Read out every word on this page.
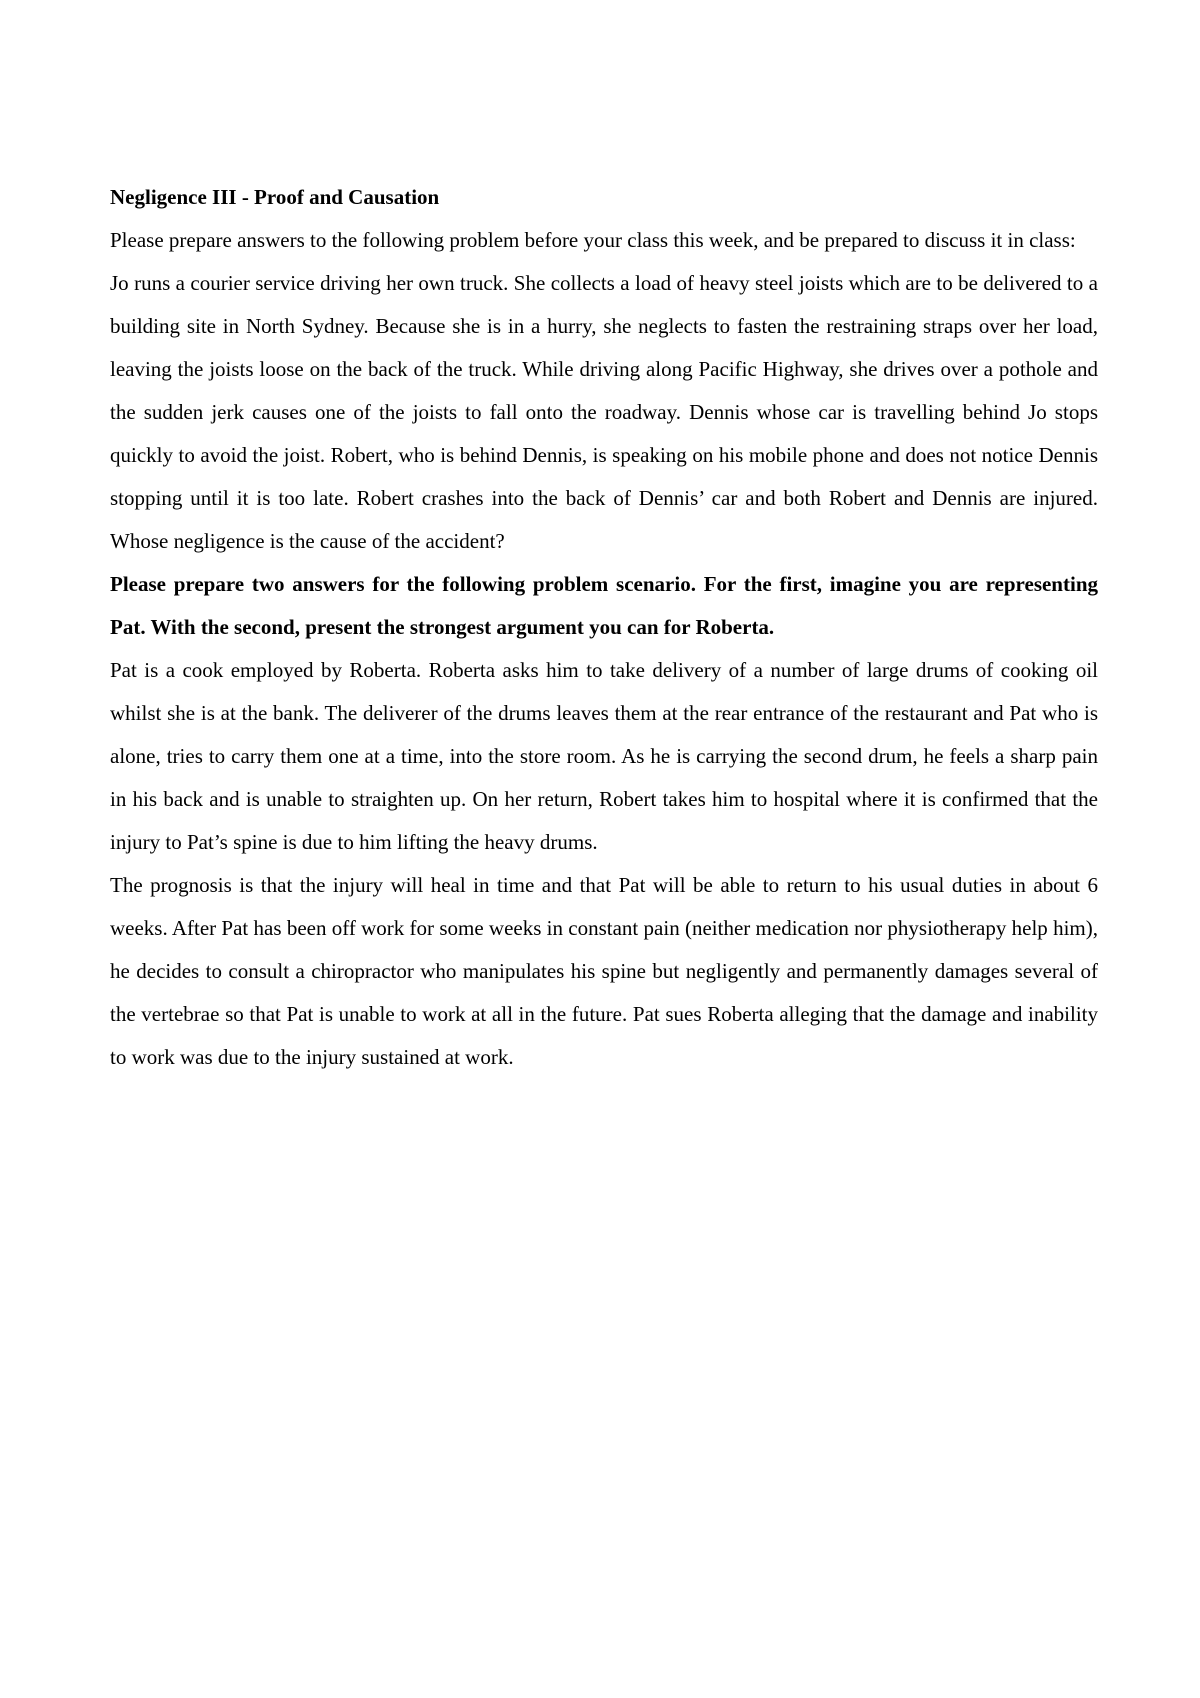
Negligence III - Proof and Causation

Please prepare answers to the following problem before your class this week, and be prepared to discuss it in class:

Jo runs a courier service driving her own truck. She collects a load of heavy steel joists which are to be delivered to a building site in North Sydney. Because she is in a hurry, she neglects to fasten the restraining straps over her load, leaving the joists loose on the back of the truck. While driving along Pacific Highway, she drives over a pothole and the sudden jerk causes one of the joists to fall onto the roadway. Dennis whose car is travelling behind Jo stops quickly to avoid the joist. Robert, who is behind Dennis, is speaking on his mobile phone and does not notice Dennis stopping until it is too late. Robert crashes into the back of Dennis’ car and both Robert and Dennis are injured. Whose negligence is the cause of the accident?

Please prepare two answers for the following problem scenario. For the first, imagine you are representing Pat. With the second, present the strongest argument you can for Roberta.

Pat is a cook employed by Roberta. Roberta asks him to take delivery of a number of large drums of cooking oil whilst she is at the bank. The deliverer of the drums leaves them at the rear entrance of the restaurant and Pat who is alone, tries to carry them one at a time, into the store room. As he is carrying the second drum, he feels a sharp pain in his back and is unable to straighten up. On her return, Robert takes him to hospital where it is confirmed that the injury to Pat’s spine is due to him lifting the heavy drums.

The prognosis is that the injury will heal in time and that Pat will be able to return to his usual duties in about 6 weeks. After Pat has been off work for some weeks in constant pain (neither medication nor physiotherapy help him), he decides to consult a chiropractor who manipulates his spine but negligently and permanently damages several of the vertebrae so that Pat is unable to work at all in the future. Pat sues Roberta alleging that the damage and inability to work was due to the injury sustained at work.
